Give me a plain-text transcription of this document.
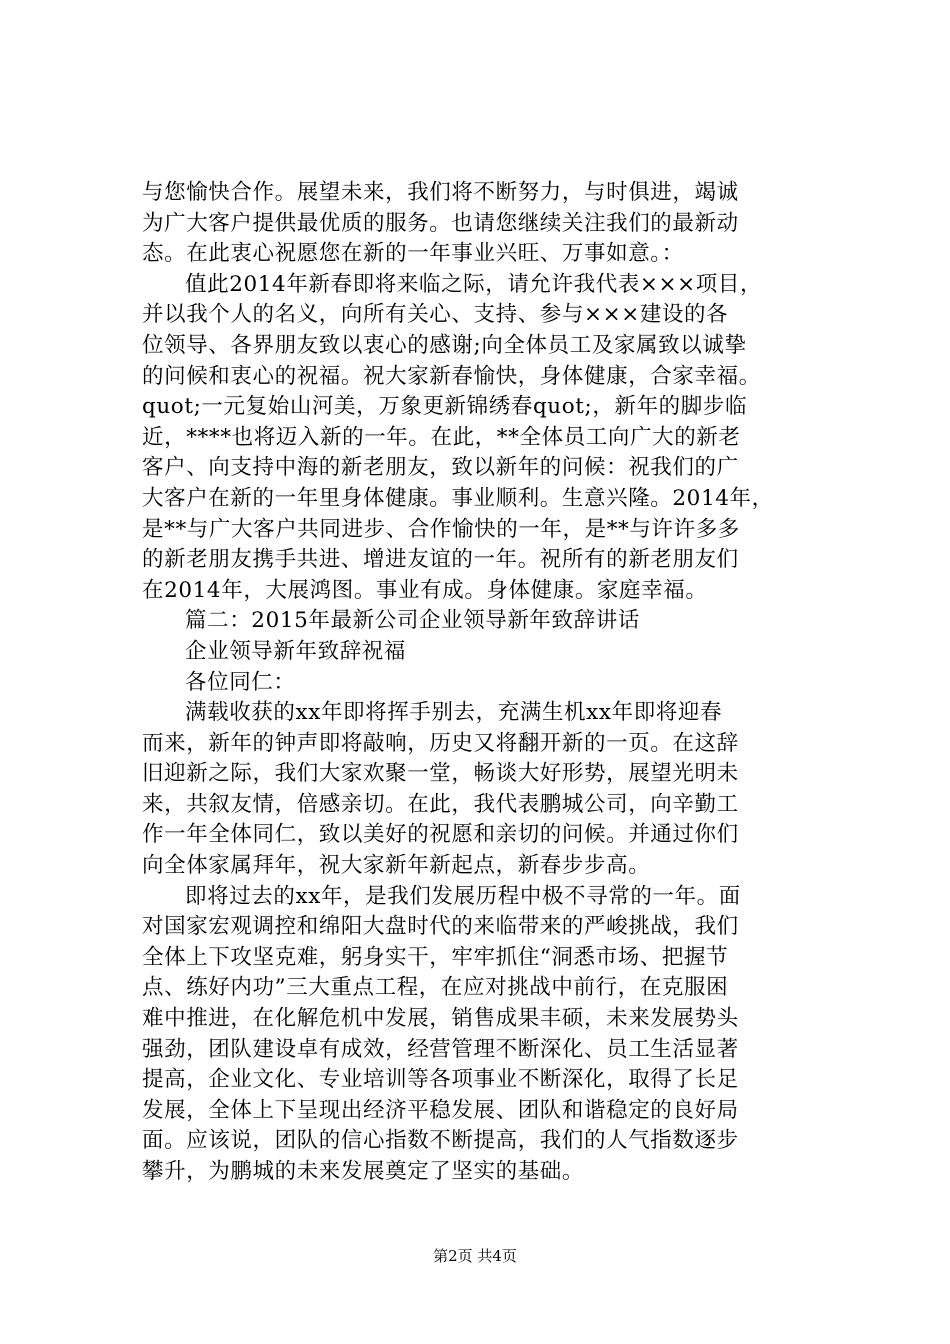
与您愉快合作。展望未来，我们将不断努力，与时俱进，竭诚
为广大客户提供最优质的服务。也请您继续关注我们的最新动
态。在此衷心祝愿您在新的一年事业兴旺、万事如意。：
值此2014年新春即将来临之际，请允许我代表×××项目，
并以我个人的名义，向所有关心、支持、参与×××建设的各
位领导、各界朋友致以衷心的感谢;向全体员工及家属致以诚挚
的问候和衷心的祝福。祝大家新春愉快，身体健康，合家幸福。
quot;一元复始山河美，万象更新锦绣春quot;，新年的脚步临
近，****也将迈入新的一年。在此，**全体员工向广大的新老
客户、向支持中海的新老朋友，致以新年的问候：祝我们的广
大客户在新的一年里身体健康。事业顺利。生意兴隆。2014年，
是**与广大客户共同进步、合作愉快的一年，是**与许许多多
的新老朋友携手共进、增进友谊的一年。祝所有的新老朋友们
在2014年，大展鸿图。事业有成。身体健康。家庭幸福。
篇二：2015年最新公司企业领导新年致辞讲话
企业领导新年致辞祝福
各位同仁：
满载收获的xx年即将挥手别去，充满生机xx年即将迎春
而来，新年的钟声即将敲响，历史又将翻开新的一页。在这辞
旧迎新之际，我们大家欢聚一堂，畅谈大好形势，展望光明未
来，共叙友情，倍感亲切。在此，我代表鹏城公司，向辛勤工
作一年全体同仁，致以美好的祝愿和亲切的问候。并通过你们
向全体家属拜年，祝大家新年新起点，新春步步高。
即将过去的xx年，是我们发展历程中极不寻常的一年。面
对国家宏观调控和绵阳大盘时代的来临带来的严峻挑战，我们
全体上下攻坚克难，躬身实干，牢牢抓住“洞悉市场、把握节
点、练好内功”三大重点工程，在应对挑战中前行，在克服困
难中推进，在化解危机中发展，销售成果丰硕，未来发展势头
强劲，团队建设卓有成效，经营管理不断深化、员工生活显著
提高，企业文化、专业培训等各项事业不断深化，取得了长足
发展，全体上下呈现出经济平稳发展、团队和谐稳定的良好局
面。应该说，团队的信心指数不断提高，我们的人气指数逐步
攀升，为鹏城的未来发展奠定了坚实的基础。
第2页 共4页
